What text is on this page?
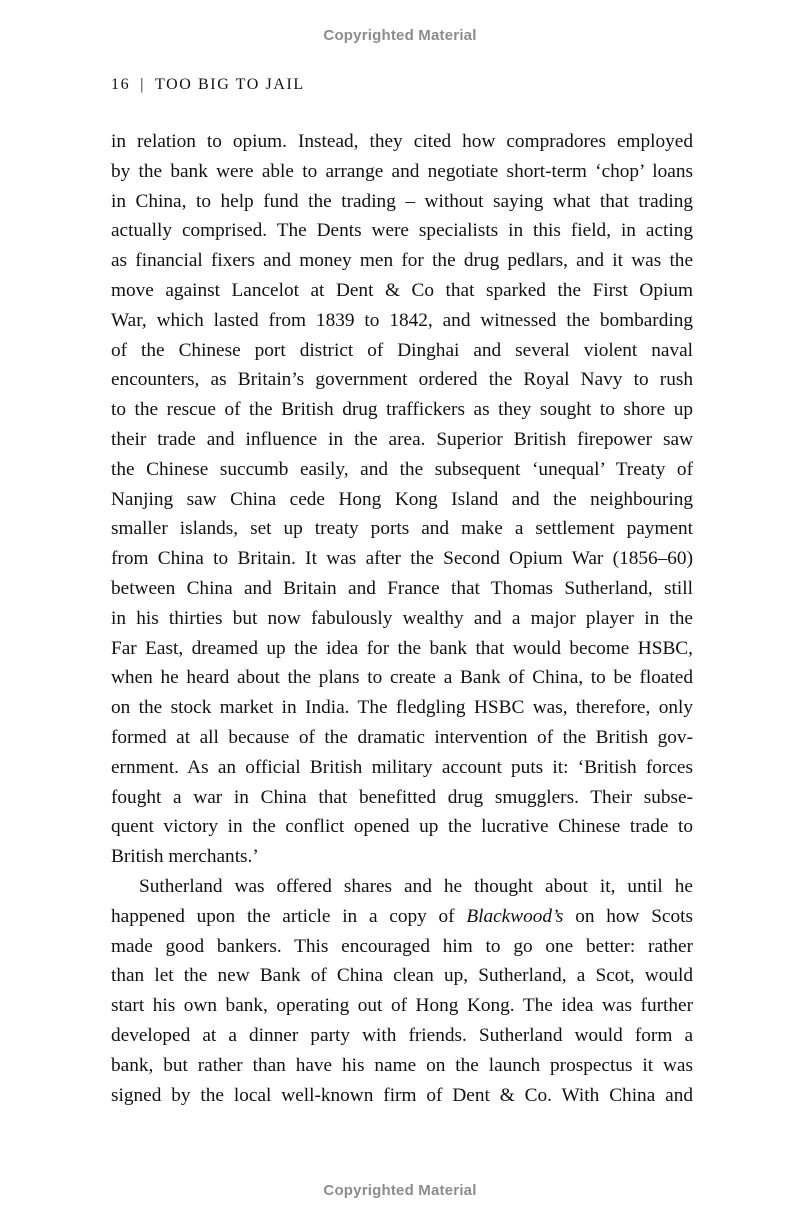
Copyrighted Material
16 | TOO BIG TO JAIL
in relation to opium. Instead, they cited how compradores employed
by the bank were able to arrange and negotiate short-term ‘chop’ loans
in China, to help fund the trading – without saying what that trading
actually comprised. The Dents were specialists in this field, in acting
as financial fixers and money men for the drug pedlars, and it was the
move against Lancelot at Dent & Co that sparked the First Opium
War, which lasted from 1839 to 1842, and witnessed the bombarding
of the Chinese port district of Dinghai and several violent naval
encounters, as Britain’s government ordered the Royal Navy to rush
to the rescue of the British drug traffickers as they sought to shore up
their trade and influence in the area. Superior British firepower saw
the Chinese succumb easily, and the subsequent ‘unequal’ Treaty of
Nanjing saw China cede Hong Kong Island and the neighbouring
smaller islands, set up treaty ports and make a settlement payment
from China to Britain. It was after the Second Opium War (1856–60)
between China and Britain and France that Thomas Sutherland, still
in his thirties but now fabulously wealthy and a major player in the
Far East, dreamed up the idea for the bank that would become HSBC,
when he heard about the plans to create a Bank of China, to be floated
on the stock market in India. The fledgling HSBC was, therefore, only
formed at all because of the dramatic intervention of the British gov-
ernment. As an official British military account puts it: ‘British forces
fought a war in China that benefitted drug smugglers. Their subse-
quent victory in the conflict opened up the lucrative Chinese trade to
British merchants.’
Sutherland was offered shares and he thought about it, until he
happened upon the article in a copy of Blackwood’s on how Scots
made good bankers. This encouraged him to go one better: rather
than let the new Bank of China clean up, Sutherland, a Scot, would
start his own bank, operating out of Hong Kong. The idea was further
developed at a dinner party with friends. Sutherland would form a
bank, but rather than have his name on the launch prospectus it was
signed by the local well-known firm of Dent & Co. With China and
Copyrighted Material
